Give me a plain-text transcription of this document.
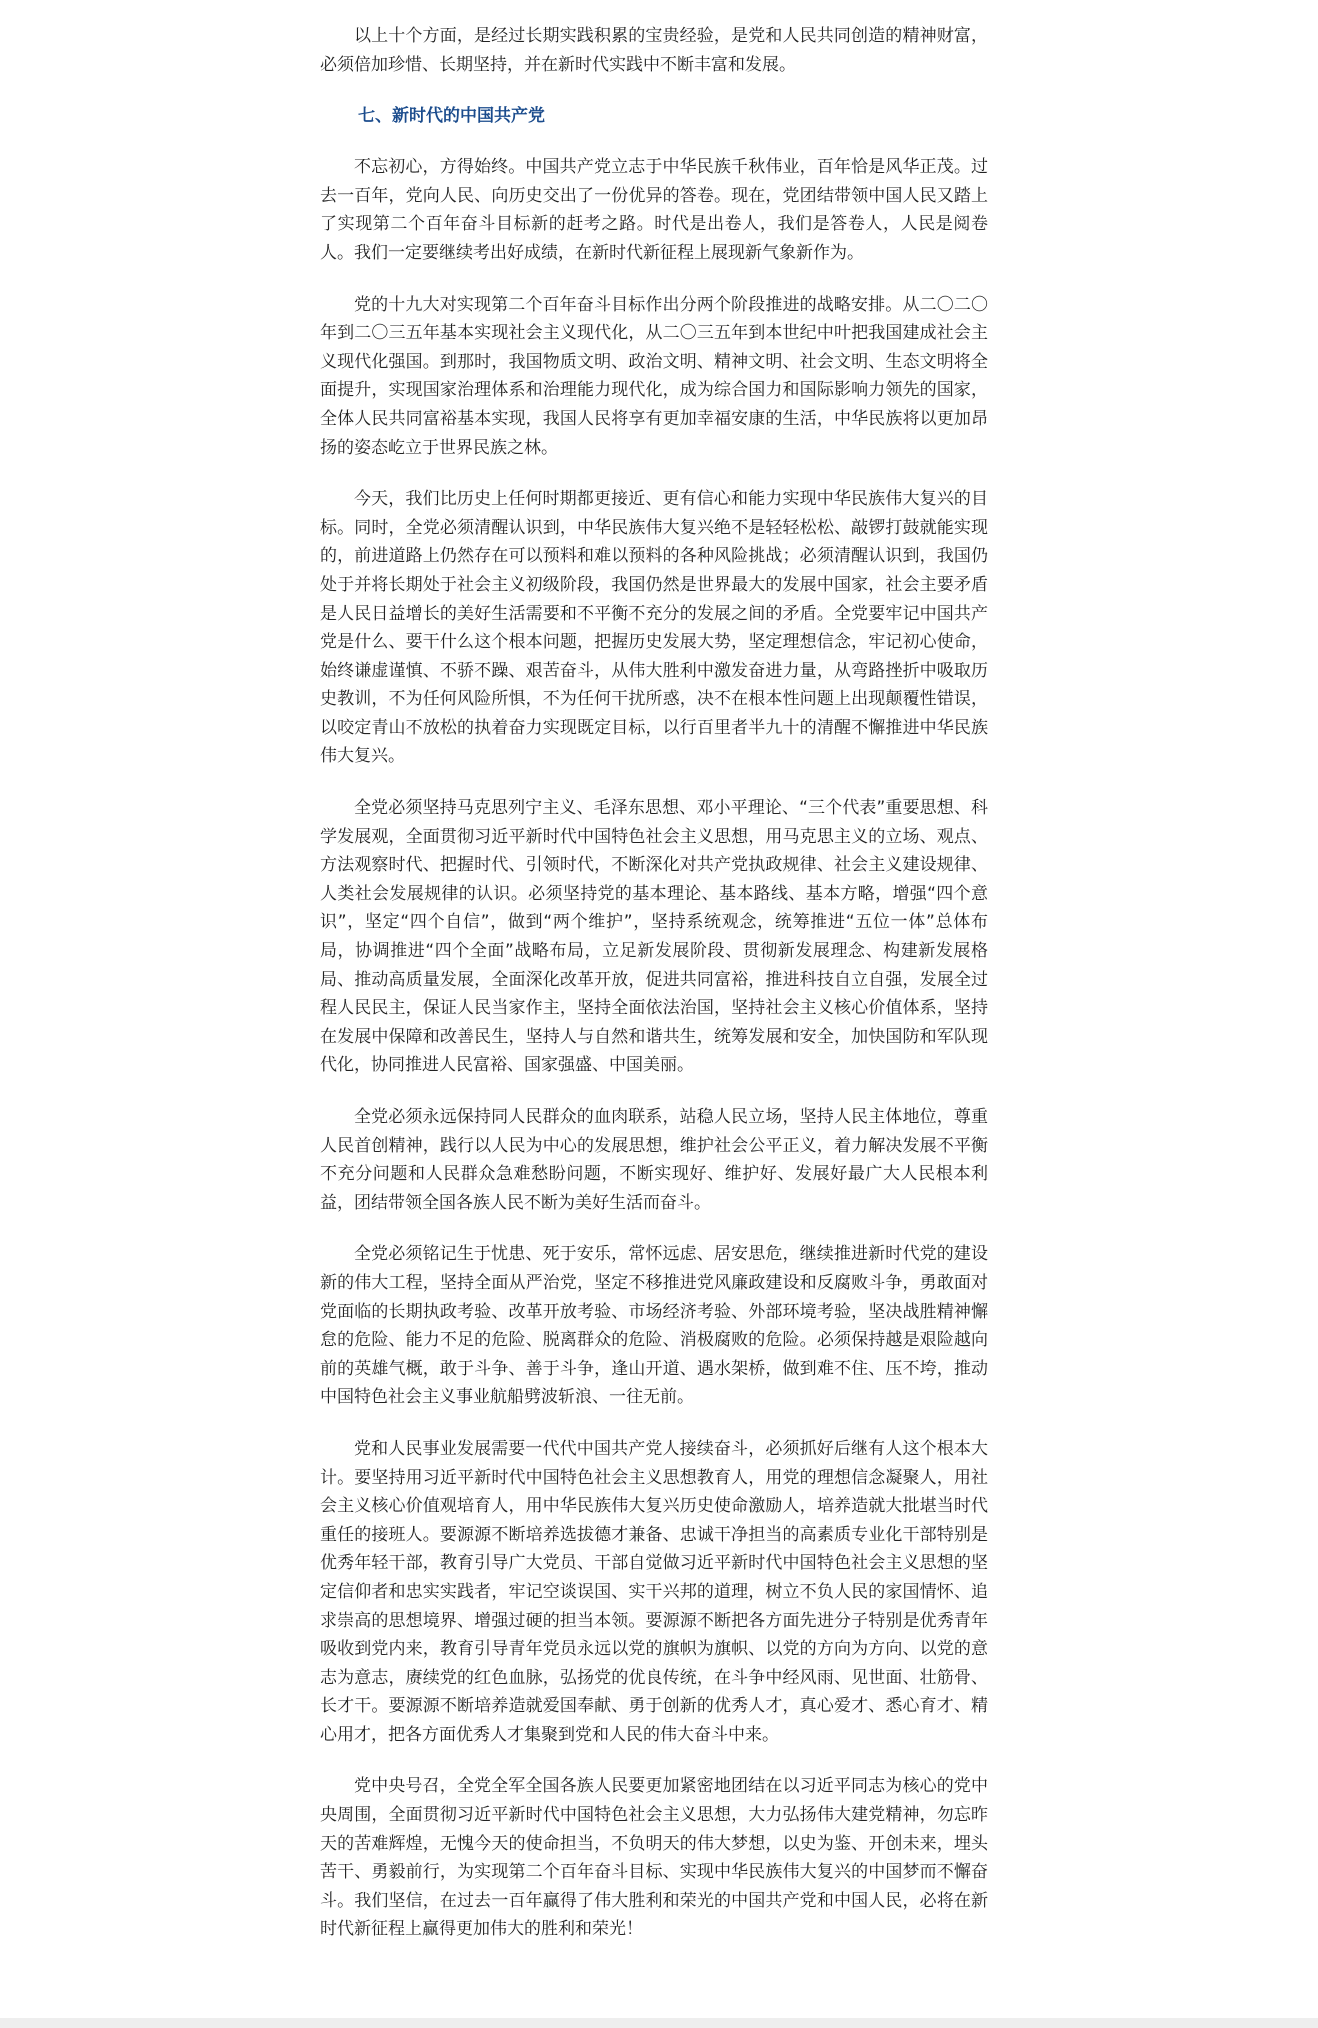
以上十个方面，是经过长期实践积累的宝贵经验，是党和人民共同创造的精神财富，必须倍加珍惜、长期坚持，并在新时代实践中不断丰富和发展。

七、新时代的中国共产党

不忘初心，方得始终。中国共产党立志于中华民族千秋伟业，百年恰是风华正茂。过去一百年，党向人民、向历史交出了一份优异的答卷。现在，党团结带领中国人民又踏上了实现第二个百年奋斗目标新的赶考之路。时代是出卷人，我们是答卷人，人民是阅卷人。我们一定要继续考出好成绩，在新时代新征程上展现新气象新作为。

党的十九大对实现第二个百年奋斗目标作出分两个阶段推进的战略安排。从二〇二〇年到二〇三五年基本实现社会主义现代化，从二〇三五年到本世纪中叶把我国建成社会主义现代化强国。到那时，我国物质文明、政治文明、精神文明、社会文明、生态文明将全面提升，实现国家治理体系和治理能力现代化，成为综合国力和国际影响力领先的国家，全体人民共同富裕基本实现，我国人民将享有更加幸福安康的生活，中华民族将以更加昂扬的姿态屹立于世界民族之林。

今天，我们比历史上任何时期都更接近、更有信心和能力实现中华民族伟大复兴的目标。同时，全党必须清醒认识到，中华民族伟大复兴绝不是轻轻松松、敲锣打鼓就能实现的，前进道路上仍然存在可以预料和难以预料的各种风险挑战；必须清醒认识到，我国仍处于并将长期处于社会主义初级阶段，我国仍然是世界最大的发展中国家，社会主要矛盾是人民日益增长的美好生活需要和不平衡不充分的发展之间的矛盾。全党要牢记中国共产党是什么、要干什么这个根本问题，把握历史发展大势，坚定理想信念，牢记初心使命，始终谦虚谨慎、不骄不躁、艰苦奋斗，从伟大胜利中激发奋进力量，从弯路挫折中吸取历史教训，不为任何风险所惧，不为任何干扰所惑，决不在根本性问题上出现颠覆性错误，以咬定青山不放松的执着奋力实现既定目标，以行百里者半九十的清醒不懈推进中华民族伟大复兴。

全党必须坚持马克思列宁主义、毛泽东思想、邓小平理论、“三个代表”重要思想、科学发展观，全面贯彻习近平新时代中国特色社会主义思想，用马克思主义的立场、观点、方法观察时代、把握时代、引领时代，不断深化对共产党执政规律、社会主义建设规律、人类社会发展规律的认识。必须坚持党的基本理论、基本路线、基本方略，增强“四个意识”，坚定“四个自信”，做到“两个维护”，坚持系统观念，统筹推进“五位一体”总体布局，协调推进“四个全面”战略布局，立足新发展阶段、贯彻新发展理念、构建新发展格局、推动高质量发展，全面深化改革开放，促进共同富裕，推进科技自立自强，发展全过程人民民主，保证人民当家作主，坚持全面依法治国，坚持社会主义核心价值体系，坚持在发展中保障和改善民生，坚持人与自然和谐共生，统筹发展和安全，加快国防和军队现代化，协同推进人民富裕、国家强盛、中国美丽。

全党必须永远保持同人民群众的血肉联系，站稳人民立场，坚持人民主体地位，尊重人民首创精神，践行以人民为中心的发展思想，维护社会公平正义，着力解决发展不平衡不充分问题和人民群众急难愁盼问题，不断实现好、维护好、发展好最广大人民根本利益，团结带领全国各族人民不断为美好生活而奋斗。

全党必须铭记生于忧患、死于安乐，常怀远虑、居安思危，继续推进新时代党的建设新的伟大工程，坚持全面从严治党，坚定不移推进党风廉政建设和反腐败斗争，勇敢面对党面临的长期执政考验、改革开放考验、市场经济考验、外部环境考验，坚决战胜精神懈怠的危险、能力不足的危险、脱离群众的危险、消极腐败的危险。必须保持越是艰险越向前的英雄气概，敢于斗争、善于斗争，逢山开道、遇水架桥，做到难不住、压不垮，推动中国特色社会主义事业航船劈波斩浪、一往无前。

党和人民事业发展需要一代代中国共产党人接续奋斗，必须抓好后继有人这个根本大计。要坚持用习近平新时代中国特色社会主义思想教育人，用党的理想信念凝聚人，用社会主义核心价值观培育人，用中华民族伟大复兴历史使命激励人，培养造就大批堪当时代重任的接班人。要源源不断培养选拔德才兼备、忠诚干净担当的高素质专业化干部特别是优秀年轻干部，教育引导广大党员、干部自觉做习近平新时代中国特色社会主义思想的坚定信仰者和忠实实践者，牢记空谈误国、实干兴邦的道理，树立不负人民的家国情怀、追求崇高的思想境界、增强过硬的担当本领。要源源不断把各方面先进分子特别是优秀青年吸收到党内来，教育引导青年党员永远以党的旗帜为旗帜、以党的方向为方向、以党的意志为意志，赓续党的红色血脉，弘扬党的优良传统，在斗争中经风雨、见世面、壮筋骨、长才干。要源源不断培养造就爱国奉献、勇于创新的优秀人才，真心爱才、悉心育才、精心用才，把各方面优秀人才集聚到党和人民的伟大奋斗中来。

党中央号召，全党全军全国各族人民要更加紧密地团结在以习近平同志为核心的党中央周围，全面贯彻习近平新时代中国特色社会主义思想，大力弘扬伟大建党精神，勿忘昨天的苦难辉煌，无愧今天的使命担当，不负明天的伟大梦想，以史为鉴、开创未来，埋头苦干、勇毅前行，为实现第二个百年奋斗目标、实现中华民族伟大复兴的中国梦而不懈奋斗。我们坚信，在过去一百年赢得了伟大胜利和荣光的中国共产党和中国人民，必将在新时代新征程上赢得更加伟大的胜利和荣光！
